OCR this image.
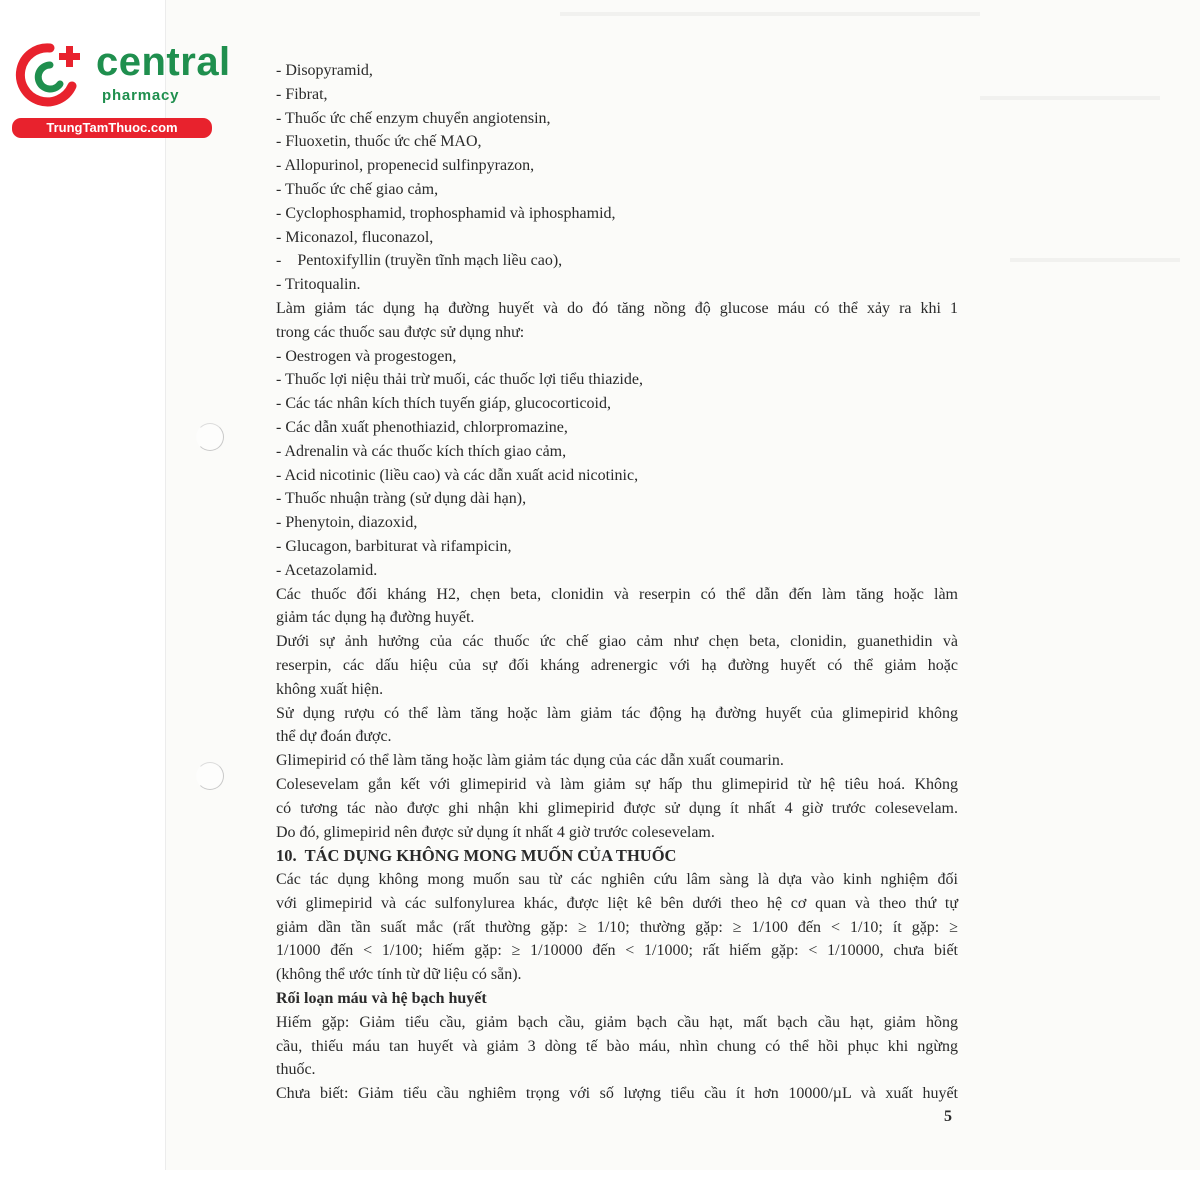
central
pharmacy
TrungTamThuoc.com
- Disopyramid,
- Fibrat,
- Thuốc ức chế enzym chuyển angiotensin,
- Fluoxetin, thuốc ức chế MAO,
- Allopurinol, propenecid sulfinpyrazon,
- Thuốc ức chế giao cảm,
- Cyclophosphamid, trophosphamid và iphosphamid,
- Miconazol, fluconazol,
-    Pentoxifyllin (truyền tĩnh mạch liều cao),
- Tritoqualin.
Làm giảm tác dụng hạ đường huyết và do đó tăng nồng độ glucose máu có thể xảy ra khi 1
trong các thuốc sau được sử dụng như:
- Oestrogen và progestogen,
- Thuốc lợi niệu thải trừ muối, các thuốc lợi tiểu thiazide,
- Các tác nhân kích thích tuyến giáp, glucocorticoid,
- Các dẫn xuất phenothiazid, chlorpromazine,
- Adrenalin và các thuốc kích thích giao cảm,
- Acid nicotinic (liều cao) và các dẫn xuất acid nicotinic,
- Thuốc nhuận tràng (sử dụng dài hạn),
- Phenytoin, diazoxid,
- Glucagon, barbiturat và rifampicin,
- Acetazolamid.
Các thuốc đối kháng H2, chẹn beta, clonidin và reserpin có thể dẫn đến làm tăng hoặc làm
giảm tác dụng hạ đường huyết.
Dưới sự ảnh hưởng của các thuốc ức chế giao cảm như chẹn beta, clonidin, guanethidin và
reserpin, các dấu hiệu của sự đối kháng adrenergic với hạ đường huyết có thể giảm hoặc
không xuất hiện.
Sử dụng rượu có thể làm tăng hoặc làm giảm tác động hạ đường huyết của glimepirid không
thể dự đoán được.
Glimepirid có thể làm tăng hoặc làm giảm tác dụng của các dẫn xuất coumarin.
Colesevelam gắn kết với glimepirid và làm giảm sự hấp thu glimepirid từ hệ tiêu hoá. Không
có tương tác nào được ghi nhận khi glimepirid được sử dụng ít nhất 4 giờ trước colesevelam.
Do đó, glimepirid nên được sử dụng ít nhất 4 giờ trước colesevelam.
10.  TÁC DỤNG KHÔNG MONG MUỐN CỦA THUỐC
Các tác dụng không mong muốn sau từ các nghiên cứu lâm sàng là dựa vào kinh nghiệm đối
với glimepirid và các sulfonylurea khác, được liệt kê bên dưới theo hệ cơ quan và theo thứ tự
giảm dần tần suất mắc (rất thường gặp: ≥ 1/10; thường gặp: ≥ 1/100 đến < 1/10; ít gặp: ≥
1/1000 đến < 1/100; hiếm gặp: ≥ 1/10000 đến < 1/1000; rất hiếm gặp: < 1/10000, chưa biết
(không thể ước tính từ dữ liệu có sẵn).
Rối loạn máu và hệ bạch huyết
Hiếm gặp: Giảm tiểu cầu, giảm bạch cầu, giảm bạch cầu hạt, mất bạch cầu hạt, giảm hồng
cầu, thiếu máu tan huyết và giảm 3 dòng tế bào máu, nhìn chung có thể hồi phục khi ngừng
thuốc.
Chưa biết: Giảm tiểu cầu nghiêm trọng với số lượng tiểu cầu ít hơn 10000/µL và xuất huyết
5
